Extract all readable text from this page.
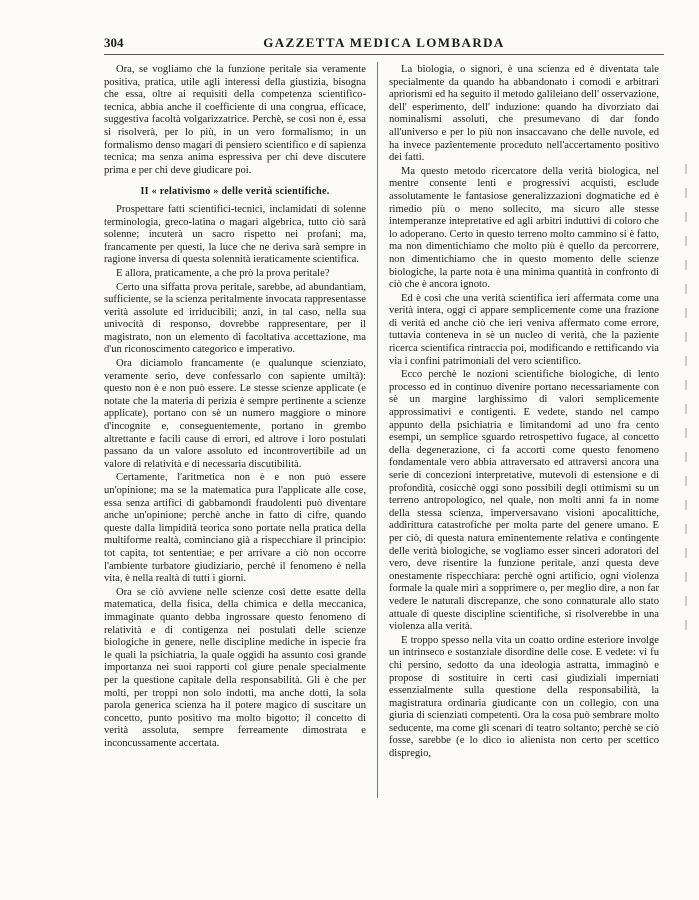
304	GAZZETTA MEDICA LOMBARDA

Ora, se vogliamo che la funzione peritale sia veramente positiva, pratica, utile agli interessi della giustizia, bisogna che essa, oltre ai requisiti della competenza scientifico-tecnica, abbia anche il coefficiente di una congrua, efficace, suggestiva facoltà volgarizzatrice. Perchè, se così non è, essa si risolverà, per lo più, in un vero formalismo; in un formalismo denso magari di pensiero scientifico e di sapienza tecnica; ma senza anima espressiva per chi deve discutere prima e per chi deve giudicare poi.

II « relativismo » delle verità scientifiche.

Prospettare fatti scientifici-tecnici, inclamidati di solenne terminologia, greco-latina o magari algebrica, tutto ciò sarà solenne; incuterà un sacro rispetto nei profani; ma, francamente per questi, la luce che ne deriva sarà sempre in ragione inversa di questa solennità ieraticamente scientifica.

E allora, praticamente, a che prò la prova peritale?

Certo una siffatta prova peritale, sarebbe, ad abundantiam, sufficiente, se la scienza peritalmente invocata rappresentasse verità assolute ed irriducibili; anzi, in tal caso, nella sua univocità di responso, dovrebbe rappresentare, per il magistrato, non un elemento di facoltativa accettazione, ma d'un riconoscimento categorico e imperativo.

Ora diciamolo francamente (e qualunque scienziato, veramente serio, deve confessarlo con sapiente umiltà): questo non è e non può essere. Le stesse scienze applicate (e notate che la materia di perizia è sempre pertinente a scienze applicate), portano con sè un numero maggiore o minore d'incognite e, conseguentemente, portano in grembo altrettante e facili cause di errori, ed altrove i loro postulati passano da un valore assoluto ed incontrovertibile ad un valore di relatività e di necessaria discutibilità.

Certamente, l'aritmetica non è e non può essere un'opinione; ma se la matematica pura l'applicate alle cose, essa senza artifici di gabbamondi fraudolenti può diventare anche un'opinione; perchè anche in fatto di cifre, quando queste dalla limpidità teorica sono portate nella pratica della multiforme realtà, cominciano già a rispecchiare il principio: tot capita, tot sententiae; e per arrivare a ciò non occorre l'ambiente turbatore giudiziario, perchè il fenomeno è nella vita, è nella realtà di tutti i giorni.

Ora se ciò avviene nelle scienze così dette esatte della matematica, della fisica, della chimica e della meccanica, immaginate quanto debba ingrossare questo fenomeno di relatività e di contigenza nei postulati delle scienze biologiche in genere, nelle discipline mediche in ispecie fra le quali la psichiatria, la quale oggidì ha assunto così grande importanza nei suoi rapporti col giure penale specialmente per la questione capitale della responsabilità. Gli è che per molti, per troppi non solo indotti, ma anche dotti, la sola parola generica scienza ha il potere magico di suscitare un concetto, punto positivo ma molto bigotto; il concetto di verità assoluta, sempre ferreamente dimostrata e inconcussamente accertata.

La biologia, o signori, è una scienza ed è diventata tale specialmente da quando ha abbandonato i comodi e arbitrari apriorismi ed ha seguito il metodo galileiano dell' osservazione, dell' esperimento, dell' induzione: quando ha divorziato dai nominalismi assoluti, che presumevano di dar fondo all'universo e per lo più non insaccavano che delle nuvole, ed ha invece pazientemente proceduto nell'accertamento positivo dei fatti.

Ma questo metodo ricercatore della verità biologica, nel mentre consente lenti e progressivi acquisti, esclude assolutamente le fantasiose generalizzazioni dogmatiche ed è rimedio più o meno sollecito, ma sicuro alle stesse intemperanze intepretative ed agli arbitri induttivi di coloro che lo adoperano. Certo in questo terreno molto cammino si è fatto, ma non dimentichiamo che molto più è quello da percorrere, non dimentichiamo che in questo momento delle scienze biologiche, la parte nota è una minima quantità in confronto di ciò che è ancora ignoto.

Ed è così che una verità scientifica ieri affermata come una verità intera, oggi ci appare semplicemente come una frazione di verità ed anche ciò che ieri veniva affermato come errore, tuttavia conteneva in sè un nucleo di verità, che la paziente ricerca scientifica rintraccia poi, modificando e rettificando via via i confini patrimoniali del vero scientifico.

Ecco perchè le nozioni scientifiche biologiche, di lento processo ed in continuo divenire portano necessariamente con sè un margine larghissimo di valori semplicemente approssimativi e contigenti. E vedete, stando nel campo appunto della psichiatria e limitandomi ad uno fra cento esempi, un semplice sguardo retrospettivo fugace, al concetto della degenerazione, ci fa accorti come questo fenomeno fondamentale vero abbia attraversato ed attraversi ancora una serie di concezioni interpretative, mutevoli di estensione e di profondità, cosicchè oggi sono possibili degli ottimismi su un terreno antropologico, nel quale, non molti anni fa in nome della stessa scienza, imperversavano visioni apocalittiche, addirittura catastrofiche per molta parte del genere umano. E per ciò, di questa natura eminentemente relativa e contingente delle verità biologiche, se vogliamo esser sinceri adoratori del vero, deve risentire la funzione peritale, anzi questa deve onestamente rispecchiara: perchè ogni artificio, ogni violenza formale la quale miri a sopprimere o, per meglio dire, a non far vedere le naturali discrepanze, che sono connaturale allo stato attuale di queste discipline scientifiche, si risolverebbe in una violenza alla verità.

E troppo spesso nella vita un coatto ordine esteriore involge un intrinseco e sostanziale disordine delle cose. E vedete: vi fu chi persino, sedotto da una ideologia astratta, immaginò e propose di sostituire in certi casi giudiziali imperniati essenzialmente sulla questione della responsabilità, la magistratura ordinaria giudicante con un collegio, con una giurìa di scienziati competenti. Ora la cosa può sembrare molto seducente, ma come gli scenari di teatro soltanto; perchè se ciò fosse, sarebbe (e lo dico io alienista non certo per scettico dispregio,
